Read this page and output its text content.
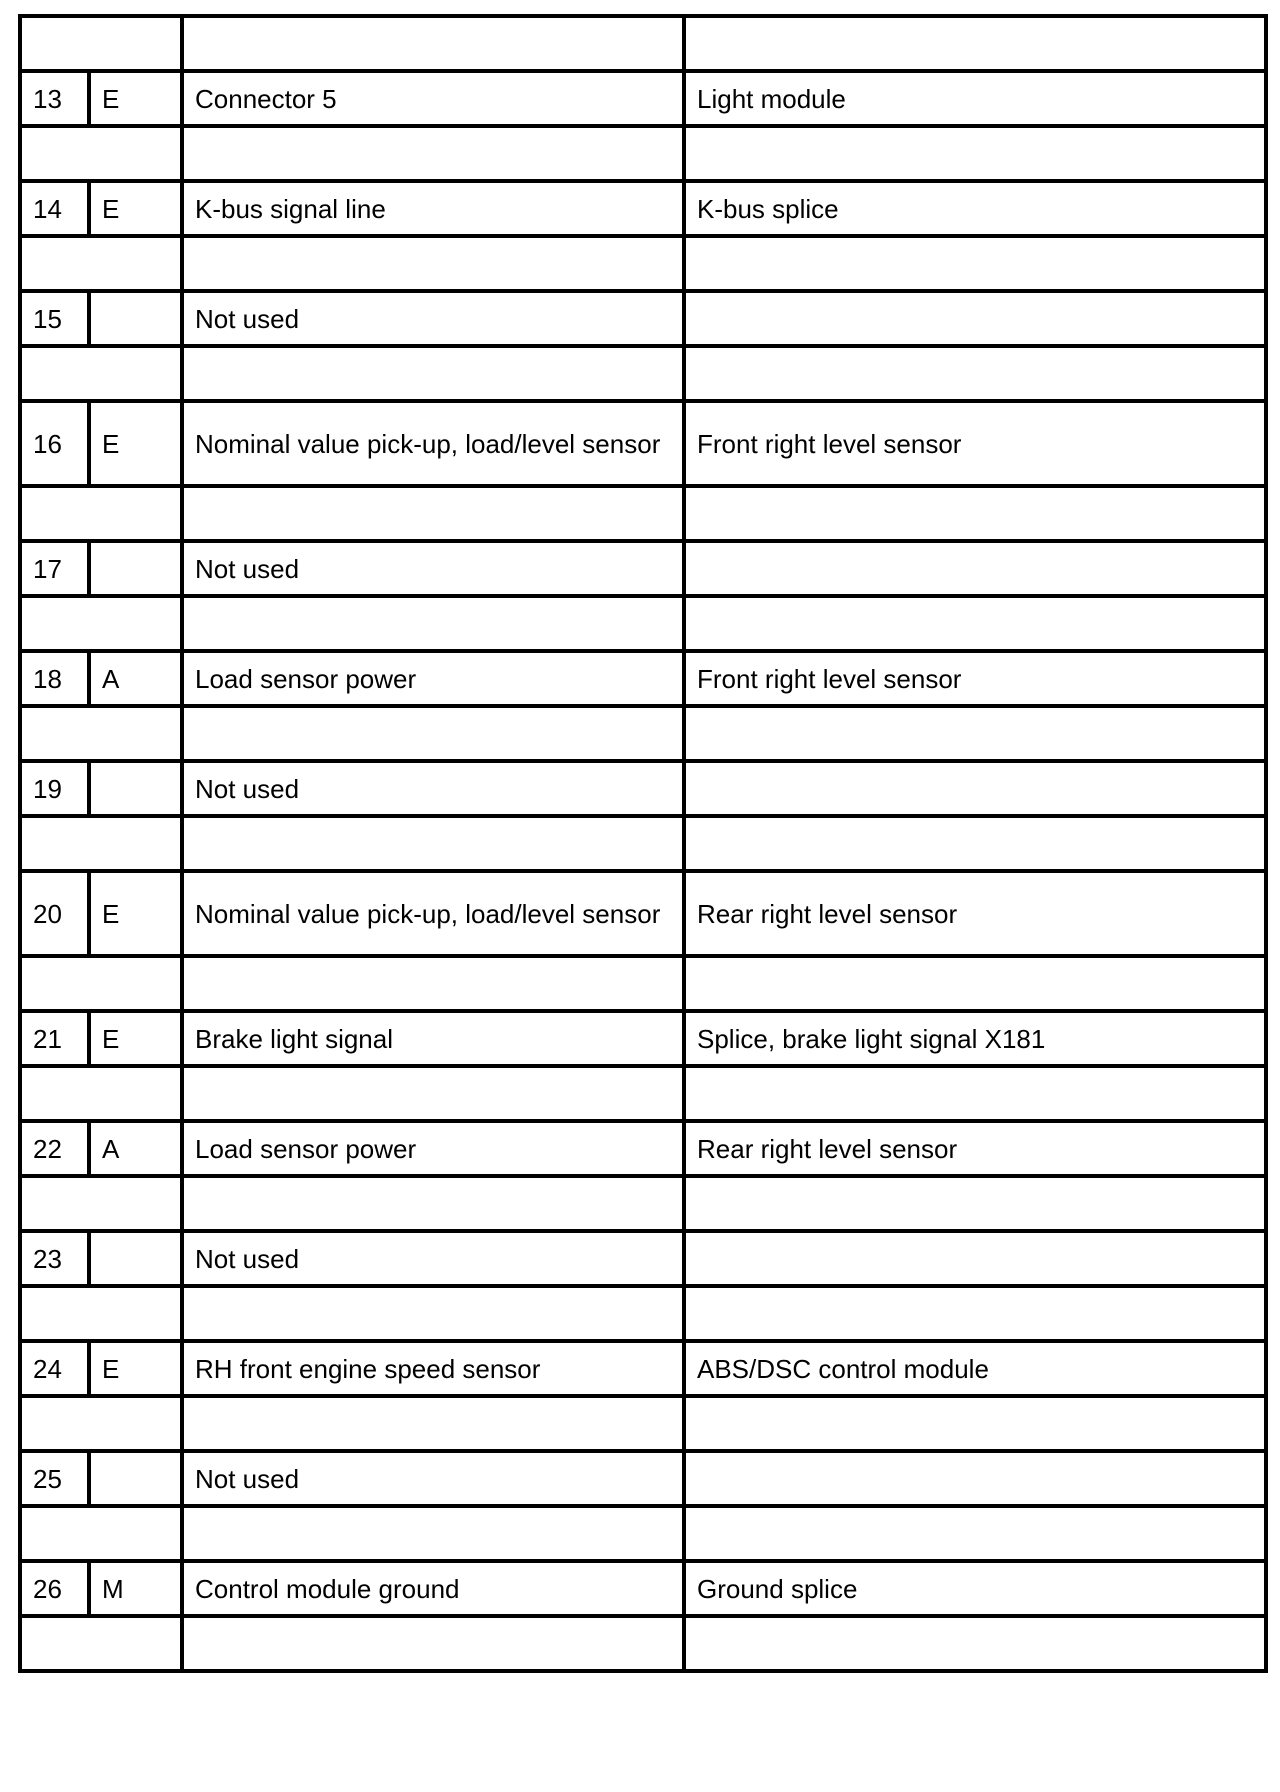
13	E	Connector 5	Light module

14	E	K-bus signal line	K-bus splice

15		Not used	

16	E	Nominal value pick-up, load/level sensor	Front right level sensor

17		Not used	

18	A	Load sensor power	Front right level sensor

19		Not used	

20	E	Nominal value pick-up, load/level sensor	Rear right level sensor

21	E	Brake light signal	Splice, brake light signal X181

22	A	Load sensor power	Rear right level sensor

23		Not used	

24	E	RH front engine speed sensor	ABS/DSC control module

25		Not used	

26	M	Control module ground	Ground splice
